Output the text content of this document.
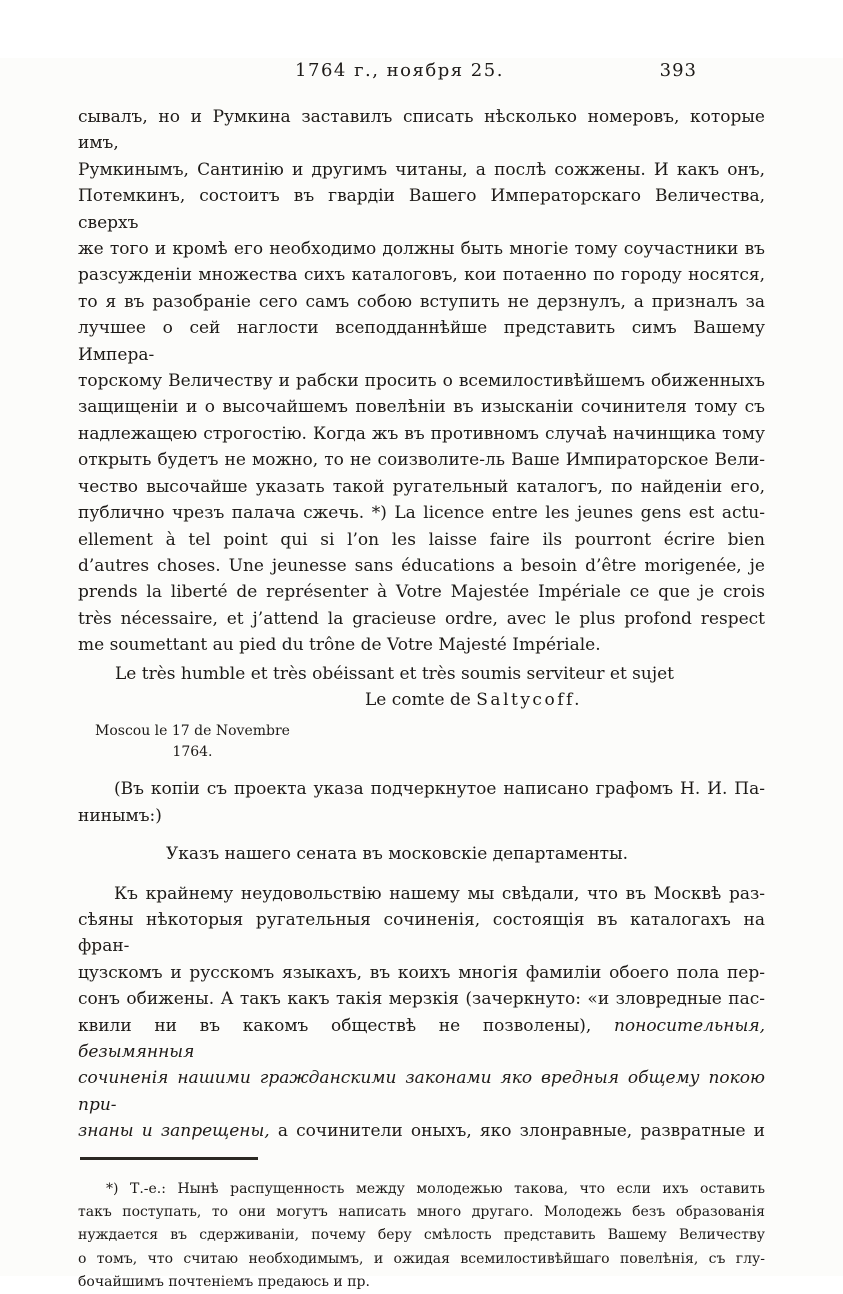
1764 г., ноября 25.	393
сывалъ, но и Румкина заставилъ списать нѣсколько номеровъ, которые имъ,
Румкинымъ, Сантинію и другимъ читаны, а послѣ сожжены. И какъ онъ,
Потемкинъ, состоитъ въ гвардіи Вашего Императорскаго Величества, сверхъ
же того и кромѣ его необходимо должны быть многіе тому соучастники въ
разсужденіи множества сихъ каталоговъ, кои потаенно по городу носятся,
то я въ разобраніе сего самъ собою вступить не дерзнулъ, а призналъ за
лучшее о сей наглости всеподданнѣйше представить симъ Вашему Импера-
торскому Величеству и рабски просить о всемилостивѣйшемъ обиженныхъ
защищеніи и о высочайшемъ повелѣніи въ изысканіи сочинителя тому съ
надлежащею строгостію. Когда жъ въ противномъ случаѣ начинщика тому
открыть будетъ не можно, то не соизволите-ль Ваше Импираторское Вели-
чество высочайше указать такой ругательный каталогъ, по найденіи его,
публично чрезъ палача сжечь. *) La licence entre les jeunes gens est actu-
ellement à tel point qui si l’on les laisse faire ils pourront écrire bien
d’autres choses. Une jeunesse sans éducations a besoin d’être morigenée, je
prends la liberté de représenter à Votre Majestée Impériale ce que je crois
très nécessaire, et j’attend la gracieuse ordre, avec le plus profond respect
me soumettant au pied du trône de Votre Majesté Impériale.
Le très humble et très obéissant et très soumis serviteur et sujet
Le comte de Saltycoff.
Moscou le 17 de Novembre
1764.
(Въ копіи съ проекта указа подчеркнутое написано графомъ Н. И. Па-
нинымъ:)
Указъ нашего сената въ московскіе департаменты.
Къ крайнему неудовольствію нашему мы свѣдали, что въ Москвѣ раз-
сѣяны нѣкоторыя ругательныя сочиненія, состоящія въ каталогахъ на фран-
цузскомъ и русскомъ языкахъ, въ коихъ многія фамиліи обоего пола пер-
сонъ обижены. А такъ какъ такія мерзкія (зачеркнуто: «и зловредные пас-
квили ни въ какомъ обществѣ не позволены), поносительныя, безымянныя
сочиненія нашими гражданскими законами яко вредныя общему покою при-
знаны и запрещены, а сочинители оныхъ, яко злонравные, развратные и
*) Т.-е.: Нынѣ распущенность между молодежью такова, что если ихъ оставить
такъ поступать, то они могутъ написать много другаго. Молодежь безъ образованія
нуждается въ сдерживаніи, почему беру смѣлость представить Вашему Величеству
о томъ, что считаю необходимымъ, и ожидая всемилостивѣйшаго повелѣнія, съ глу-
бочайшимъ почтеніемъ предаюсь и пр.
